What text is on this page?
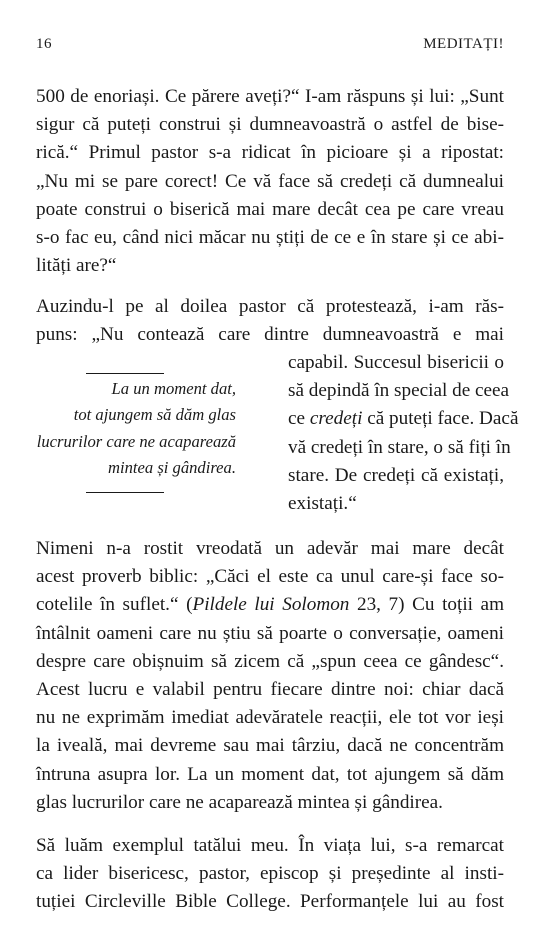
16	MEDITAȚI!
500 de enoriași. Ce părere aveți?“ I-am răspuns și lui: „Sunt
sigur că puteți construi și dumneavoastră o astfel de bise-
rică.“ Primul pastor s-a ridicat în picioare și a ripostat:
„Nu mi se pare corect! Ce vă face să credeți că dumnealui
poate construi o biserică mai mare decât cea pe care vreau
s-o fac eu, când nici măcar nu știți de ce e în stare și ce abi-
lități are?“
Auzindu-l pe al doilea pastor că protestează, i-am răs-
puns: „Nu contează care dintre dumneavoastră e mai
capabil. Succesul bisericii o
să depindă în special de ceea
ce credeți că puteți face. Dacă
vă credeți în stare, o să fiți în
stare. De credeți că existați,
existați.“
La un moment dat,
tot ajungem să dăm glas
lucrurilor care ne acaparează
mintea și gândirea.
Nimeni n-a rostit vreodată un adevăr mai mare decât
acest proverb biblic: „Căci el este ca unul care-și face so-
cotelile în suflet.“ (Pildele lui Solomon 23, 7) Cu toții am
întâlnit oameni care nu știu să poarte o conversație, oameni
despre care obișnuim să zicem că „spun ceea ce gândesc“.
Acest lucru e valabil pentru fiecare dintre noi: chiar dacă
nu ne exprimăm imediat adevăratele reacții, ele tot vor ieși
la iveală, mai devreme sau mai târziu, dacă ne concentrăm
întruna asupra lor. La un moment dat, tot ajungem să dăm
glas lucrurilor care ne acaparează mintea și gândirea.
Să luăm exemplul tatălui meu. În viața lui, s-a remarcat
ca lider bisericesc, pastor, episcop și președinte al insti-
tuției Circleville Bible College. Performanțele lui au fost
